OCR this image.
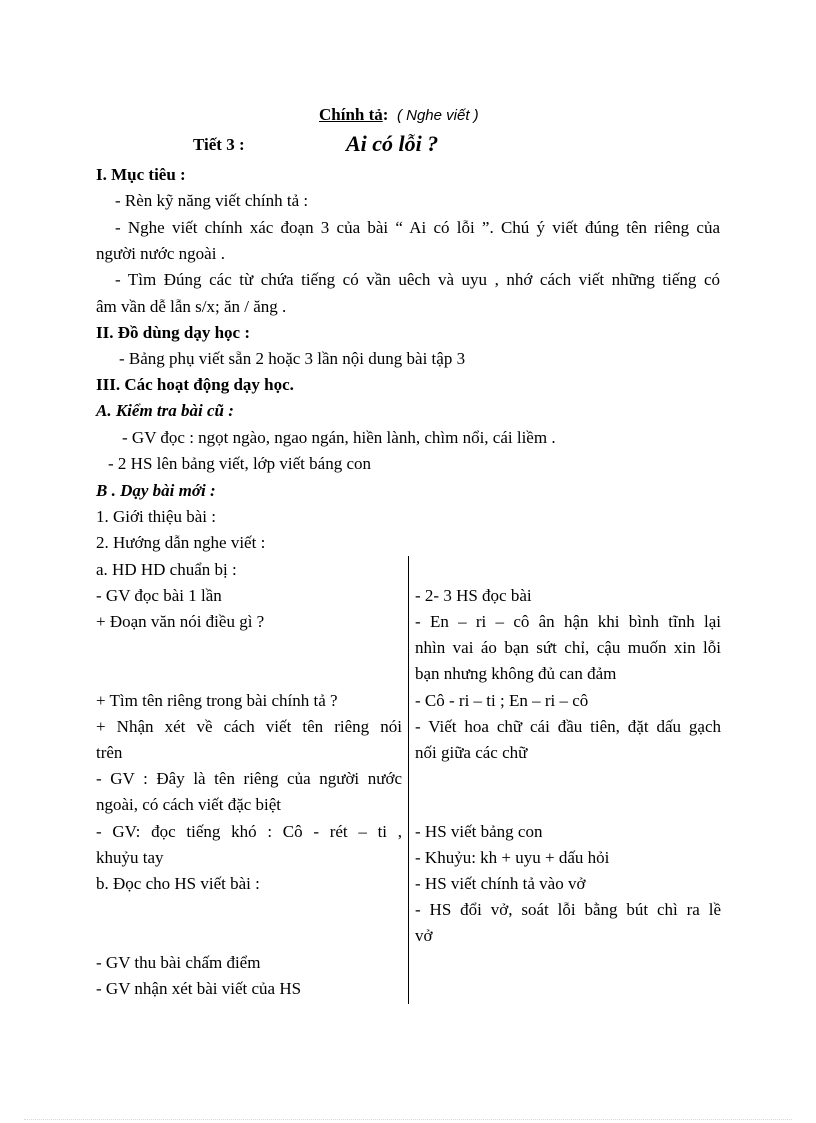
Chính tả: ( Nghe viết )
Tiết 3 :	Ai có lỗi ?
I. Mục tiêu :
- Rèn kỹ năng viết chính tả :
- Nghe viết chính xác đoạn 3 của bài “ Ai có lỗi ”. Chú ý viết đúng tên riêng của
người nước ngoài .
- Tìm Đúng các từ chứa tiếng có vần uêch và uyu , nhớ cách viết những tiếng có
âm vần dễ lẫn s/x; ăn / ăng .
II. Đồ dùng dạy học :
- Bảng phụ viết sẵn 2 hoặc 3 lần nội dung bài tập 3
III. Các hoạt động dạy học.
A. Kiểm tra bài cũ :
- GV đọc : ngọt ngào, ngao ngán, hiền lành, chìm nổi, cái liềm .
- 2 HS lên bảng viết, lớp viết báng con
B . Dạy bài mới :
1. Giới thiệu bài :
2. Hướng dẫn nghe viết :
a. HD HD chuẩn bị :
- GV đọc bài 1 lần
+ Đoạn văn nói điều gì ?
+ Tìm tên riêng trong bài chính tả ?
+ Nhận xét về cách viết tên riêng nói
trên
- GV : Đây là tên riêng của người nước
ngoài, có cách viết đặc biệt
- GV: đọc tiếng khó : Cô - rét – ti ,
khuỷu tay
b. Đọc cho HS viết bài :
- GV thu bài chấm điểm
- GV nhận xét bài viết của HS
- 2- 3 HS đọc bài
- En – ri – cô ân hận khi bình tĩnh lại
nhìn vai áo bạn sứt chỉ, cậu muốn xin lỗi
bạn nhưng không đủ can đảm
- Cô - ri – ti ; En – ri – cô
- Viết hoa chữ cái đầu tiên, đặt dấu gạch
nối giữa các chữ
- HS viết bảng con
- Khuỷu: kh + uyu + dấu hỏi
- HS viết chính tả vào vở
- HS đổi vở, soát lỗi bằng bút chì ra lề
vở
